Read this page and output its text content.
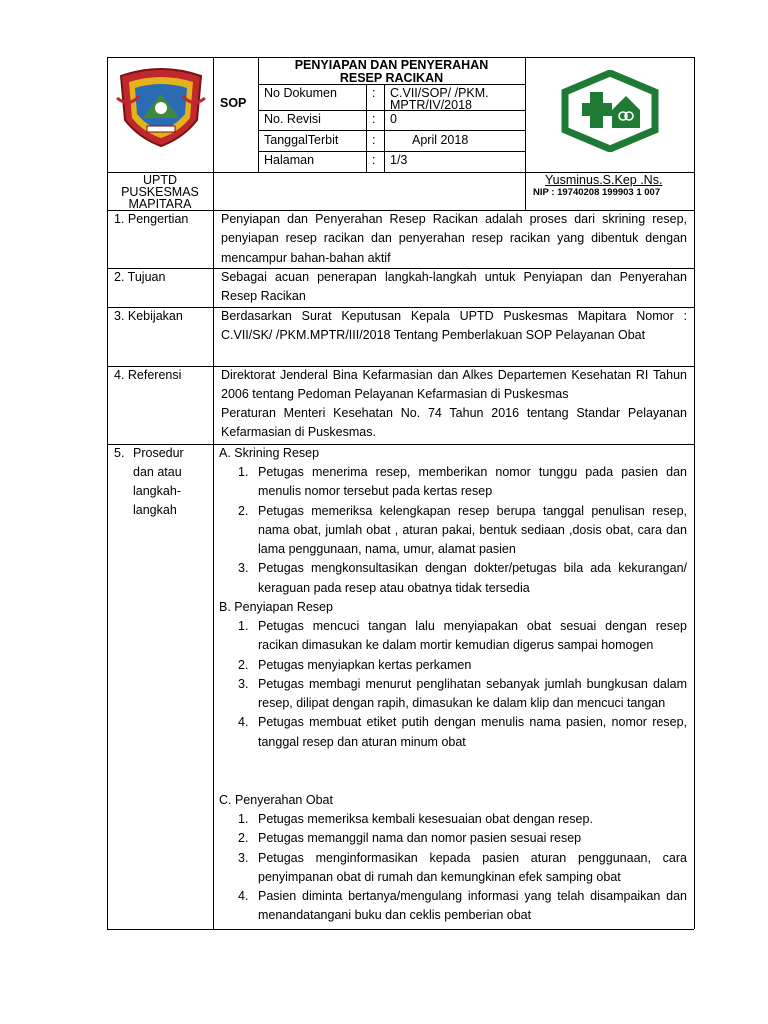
SOP
PENYIAPAN DAN PENYERAHAN
RESEP RACIKAN
No Dokumen	: C.VII/SOP/ /PKM.
MPTR/IV/2018
No. Revisi	: 0
TanggalTerbit	:	April 2018
Halaman	: 1/3
UPTD
PUSKESMAS
MAPITARA
Yusminus.S.Kep .Ns.
NIP : 19740208 199903 1 007
1. Pengertian	Penyiapan dan Penyerahan Resep Racikan adalah proses dari skrining resep, penyiapan resep racikan dan penyerahan resep racikan yang dibentuk dengan mencampur bahan-bahan aktif
2. Tujuan	Sebagai acuan penerapan langkah-langkah untuk Penyiapan dan Penyerahan Resep Racikan
3. Kebijakan	Berdasarkan Surat Keputusan Kepala UPTD Puskesmas Mapitara Nomor : C.VII/SK/ /PKM.MPTR/III/2018 Tentang Pemberlakuan SOP Pelayanan Obat
4. Referensi	Direktorat Jenderal Bina Kefarmasian dan Alkes Departemen Kesehatan RI Tahun 2006 tentang Pedoman Pelayanan Kefarmasian di Puskesmas
Peraturan Menteri Kesehatan No. 74 Tahun 2016 tentang Standar Pelayanan Kefarmasian di Puskesmas.
5. Prosedur
dan atau
langkah-
langkah
A. Skrining Resep
1. Petugas menerima resep, memberikan nomor tunggu pada pasien dan menulis nomor tersebut pada kertas resep
2. Petugas memeriksa kelengkapan resep berupa tanggal penulisan resep, nama obat, jumlah obat , aturan pakai, bentuk sediaan ,dosis obat, cara dan lama penggunaan, nama, umur, alamat pasien
3. Petugas mengkonsultasikan dengan dokter/petugas bila ada kekurangan/ keraguan pada resep atau obatnya tidak tersedia
B. Penyiapan Resep
1. Petugas mencuci tangan lalu menyiapakan obat sesuai dengan resep racikan dimasukan ke dalam mortir kemudian digerus sampai homogen
2. Petugas menyiapkan kertas perkamen
3. Petugas membagi menurut penglihatan sebanyak jumlah bungkusan dalam resep, dilipat dengan rapih, dimasukan ke dalam klip dan mencuci tangan
4. Petugas membuat etiket putih dengan menulis nama pasien, nomor resep, tanggal resep dan aturan minum obat
C. Penyerahan Obat
1. Petugas memeriksa kembali kesesuaian obat dengan resep.
2. Petugas memanggil nama dan nomor pasien sesuai resep
3. Petugas menginformasikan kepada pasien aturan penggunaan, cara penyimpanan obat di rumah dan kemungkinan efek samping obat
4. Pasien diminta bertanya/mengulang informasi yang telah disampaikan dan menandatangani buku dan ceklis pemberian obat
